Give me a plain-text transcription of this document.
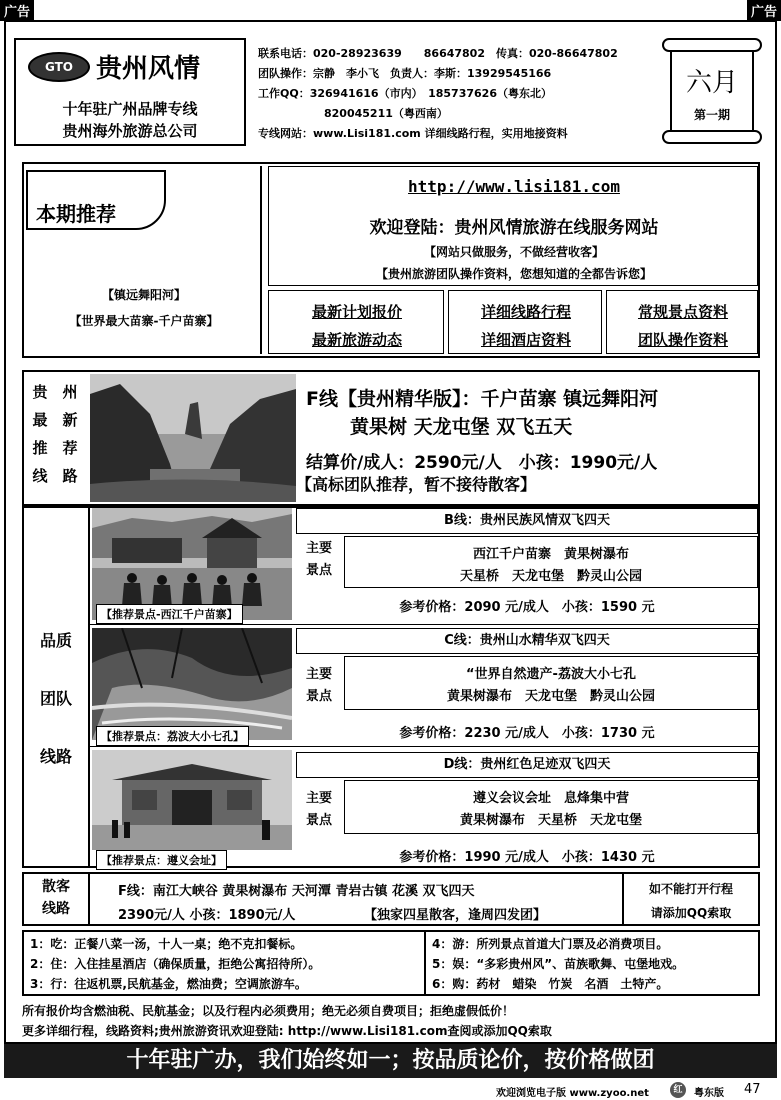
广告	广告
GTO 贵州风情
十年驻广州品牌专线
贵州海外旅游总公司
联系电话：020-28923639　　86647802　传真：020-86647802
团队操作：宗静　李小飞　负责人：李斯：13929545166
工作QQ：326941616（市内）　185737626（粤东北）
820045211（粤西南）
专线网站：www.Lisi181.com 详细线路行程，实用地接资料
六月
第一期
本期推荐
【镇远舞阳河】
【世界最大苗寨-千户苗寨】
http://www.lisi181.com
欢迎登陆：贵州风情旅游在线服务网站
【网站只做服务，不做经营收客】
【贵州旅游团队操作资料，您想知道的全都告诉您】
最新计划报价
最新旅游动态
详细线路行程
详细酒店资料
常规景点资料
团队操作资料
贵　州
最　新
推　荐
线　路
F线【贵州精华版】：千户苗寨 镇远舞阳河
黄果树 天龙屯堡 双飞五天
结算价/成人：2590元/人　小孩：1990元/人
【高标团队推荐，暂不接待散客】
品质
团队
线路
【推荐景点-西江千户苗寨】
B线：贵州民族风情双飞四天
主要
景点
西江千户苗寨　黄果树瀑布
天星桥　天龙屯堡　黔灵山公园
参考价格：2090 元/成人　小孩：1590 元
【推荐景点：荔波大小七孔】
C线：贵州山水精华双飞四天
主要
景点
“世界自然遗产-荔波大小七孔
黄果树瀑布　天龙屯堡　黔灵山公园
参考价格：2230 元/成人　小孩：1730 元
【推荐景点：遵义会址】
D线：贵州红色足迹双飞四天
主要
景点
遵义会议会址　息烽集中营
黄果树瀑布　天星桥　天龙屯堡
参考价格：1990 元/成人　小孩：1430 元
散客
线路
F线：南江大峡谷 黄果树瀑布 天河潭 青岩古镇 花溪 双飞四天
2390元/人 小孩：1890元/人	【独家四星散客，逢周四发团】
如不能打开行程
请添加QQ索取
1：吃：正餐八菜一汤，十人一桌；绝不克扣餐标。
2：住：入住挂星酒店（确保质量，拒绝公寓招待所）。
3：行：往返机票,民航基金，燃油费；空调旅游车。
4：游：所列景点首道大门票及必消费项目。
5：娱：“多彩贵州风”、苗族歌舞、屯堡地戏。
6：购：药材　蜡染　竹炭　名酒　土特产。
所有报价均含燃油税、民航基金；以及行程内必须费用；绝无必须自费项目；拒绝虚假低价！
更多详细行程，线路资料;贵州旅游资讯欢迎登陆: http://www.Lisi181.com查阅或添加QQ索取
十年驻广办，我们始终如一；按品质论价，按价格做团
欢迎浏览电子版 www.zyoo.net	红	粤东版 47
